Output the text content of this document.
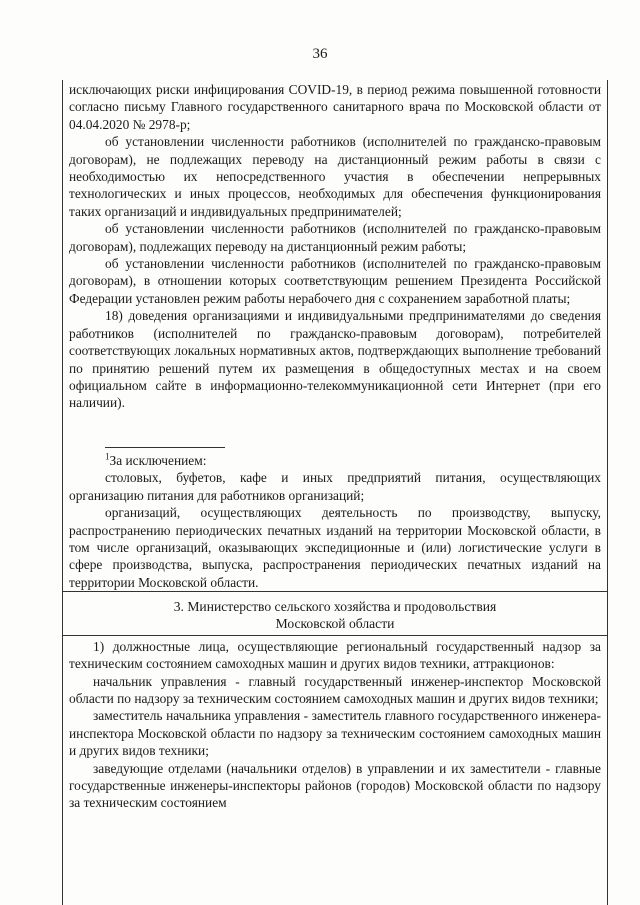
36

исключающих риски инфицирования COVID-19, в период режима повышенной готовности согласно письму Главного государственного санитарного врача по Московской области от 04.04.2020 № 2978-р;

об установлении численности работников (исполнителей по гражданско-правовым договорам), не подлежащих переводу на дистанционный режим работы в связи с необходимостью их непосредственного участия в обеспечении непрерывных технологических и иных процессов, необходимых для обеспечения функционирования таких организаций и индивидуальных предпринимателей;

об установлении численности работников (исполнителей по гражданско-правовым договорам), подлежащих переводу на дистанционный режим работы;

об установлении численности работников (исполнителей по гражданско-правовым договорам), в отношении которых соответствующим решением Президента Российской Федерации установлен режим работы нерабочего дня с сохранением заработной платы;

18) доведения организациями и индивидуальными предпринимателями до сведения работников (исполнителей по гражданско-правовым договорам), потребителей соответствующих локальных нормативных актов, подтверждающих выполнение требований по принятию решений путем их размещения в общедоступных местах и на своем официальном сайте в информационно-телекоммуникационной сети Интернет (при его наличии).

$^1$За исключением:

столовых, буфетов, кафе и иных предприятий питания, осуществляющих организацию питания для работников организаций;

организаций, осуществляющих деятельность по производству, выпуску, распространению периодических печатных изданий на территории Московской области, в том числе организаций, оказывающих экспедиционные и (или) логистические услуги в сфере производства, выпуска, распространения периодических печатных изданий на территории Московской области.

3. Министерство сельского хозяйства и продовольствия
Московской области

1) должностные лица, осуществляющие региональный государственный надзор за техническим состоянием самоходных машин и других видов техники, аттракционов:

начальник управления - главный государственный инженер-инспектор Московской области по надзору за техническим состоянием самоходных машин и других видов техники;

заместитель начальника управления - заместитель главного государственного инженера-инспектора Московской области по надзору за техническим состоянием самоходных машин и других видов техники;

заведующие отделами (начальники отделов) в управлении и их заместители - главные государственные инженеры-инспекторы районов (городов) Московской области по надзору за техническим состоянием
